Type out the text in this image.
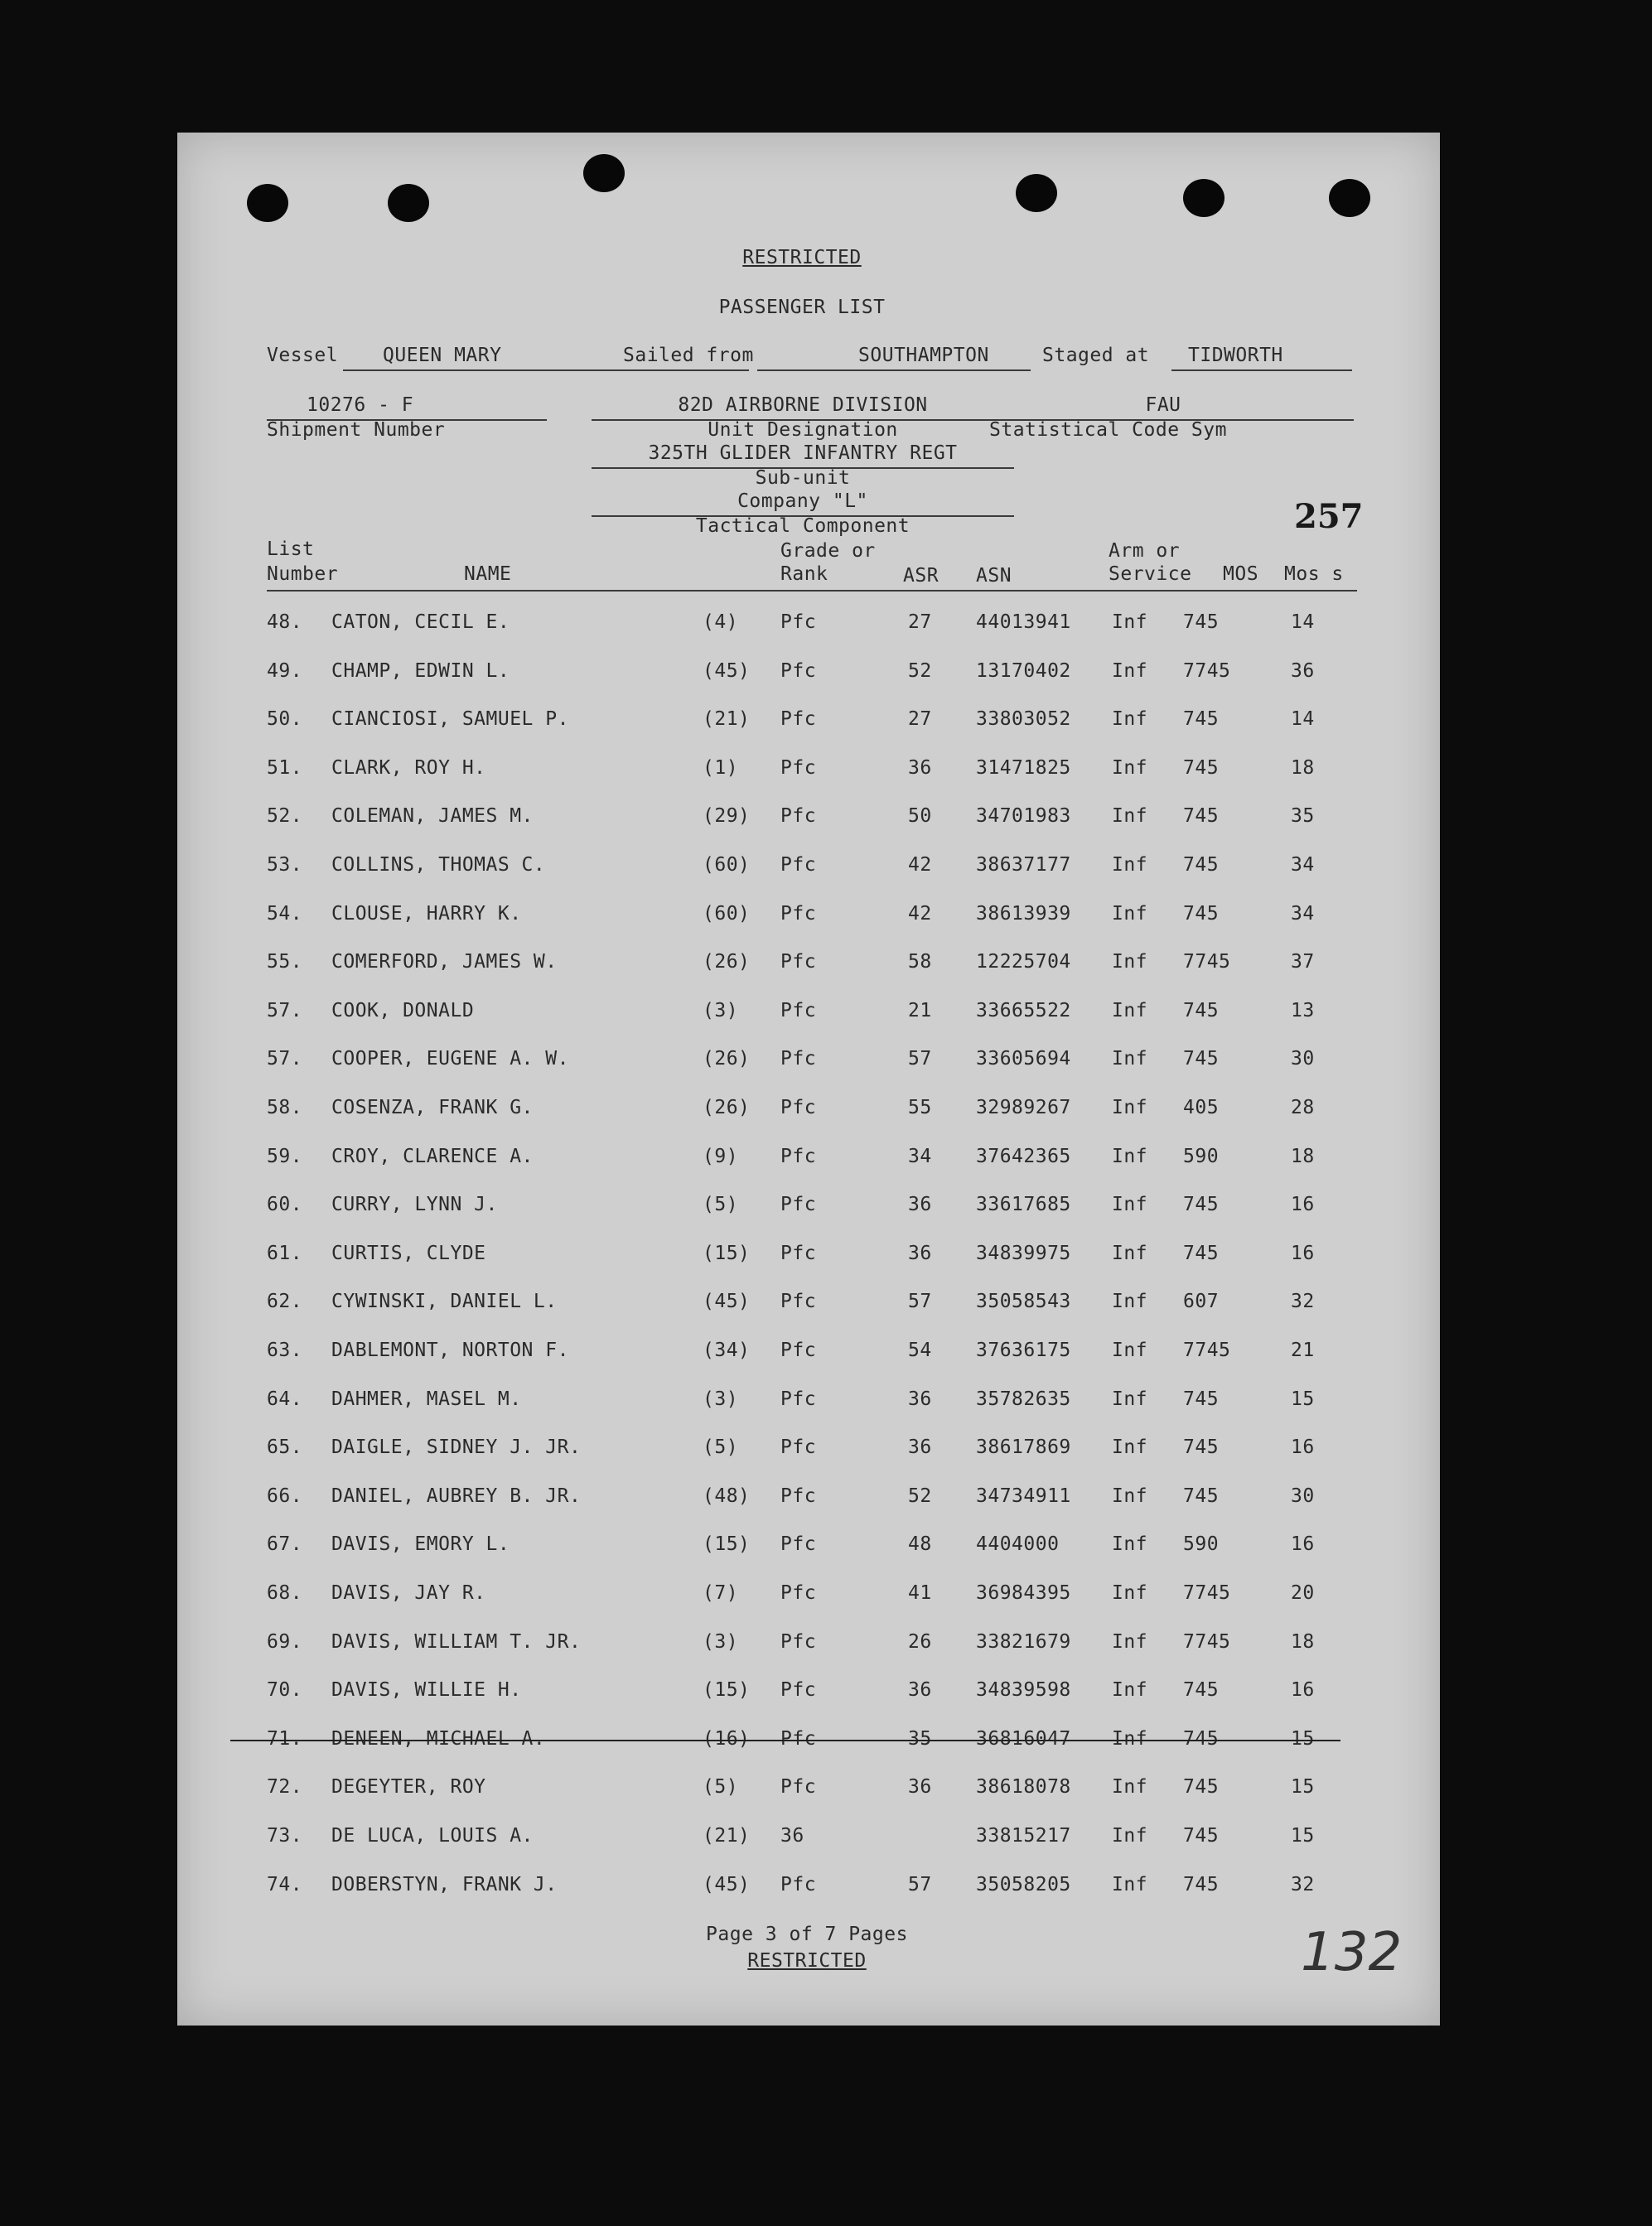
RESTRICTED
PASSENGER LIST
Vessel QUEEN MARY	Sailed from	SOUTHAMPTON	Staged at TIDWORTH
10276 - F
Shipment Number
82D AIRBORNE DIVISION
Unit Designation
325TH GLIDER INFANTRY REGT
Sub-unit
Company "L"
Tactical Component
FAU
Statistical Code Sym
257
List
Number	NAME
Grade or
Rank	ASR ASN
Arm or
Service MOS Mos s
48. CATON, CECIL E.	(4) Pfc	27 44013941 Inf 745	14
49. CHAMP, EDWIN L.	(45) Pfc	52 13170402 Inf 7745	36
50. CIANCIOSI, SAMUEL P.	(21) Pfc	27 33803052 Inf 745	14
51. CLARK, ROY H.	(1) Pfc	36 31471825 Inf 745	18
52. COLEMAN, JAMES M.	(29) Pfc	50 34701983 Inf 745	35
53. COLLINS, THOMAS C.	(60) Pfc	42 38637177 Inf 745	34
54. CLOUSE, HARRY K.	(60) Pfc	42 38613939 Inf 745	34
55. COMERFORD, JAMES W.	(26) Pfc	58 12225704 Inf 7745	37
57. COOK, DONALD	(3) Pfc	21 33665522 Inf 745	13
57. COOPER, EUGENE A. W.	(26) Pfc	57 33605694 Inf 745	30
58. COSENZA, FRANK G.	(26) Pfc	55 32989267 Inf 405	28
59. CROY, CLARENCE A.	(9) Pfc	34 37642365 Inf 590	18
60. CURRY, LYNN J.	(5) Pfc	36 33617685 Inf 745	16
61. CURTIS, CLYDE	(15) Pfc	36 34839975 Inf 745	16
62. CYWINSKI, DANIEL L.	(45) Pfc	57 35058543 Inf 607	32
63. DABLEMONT, NORTON F.	(34) Pfc	54 37636175 Inf 7745	21
64. DAHMER, MASEL M.	(3) Pfc	36 35782635 Inf 745	15
65. DAIGLE, SIDNEY J. JR.	(5) Pfc	36 38617869 Inf 745	16
66. DANIEL, AUBREY B. JR.	(48) Pfc	52 34734911 Inf 745	30
67. DAVIS, EMORY L.	(15) Pfc	48 4404000	Inf 590	16
68. DAVIS, JAY R.	(7) Pfc	41 36984395 Inf 7745	20
69. DAVIS, WILLIAM T. JR.	(3) Pfc	26 33821679 Inf 7745	18
70. DAVIS, WILLIE H.	(15) Pfc	36 34839598 Inf 745	16
71. DENEEN, MICHAEL A.	(16) Pfc	35 36816047 Inf 745	15
72. DEGEYTER, ROY	(5) Pfc	36 38618078 Inf 745	15
73. DE LUCA, LOUIS A.	(21) 36	33815217 Inf 745	15
74. DOBERSTYN, FRANK J.	(45) Pfc	57 35058205 Inf 745	32
Page 3 of 7 Pages
RESTRICTED	132
